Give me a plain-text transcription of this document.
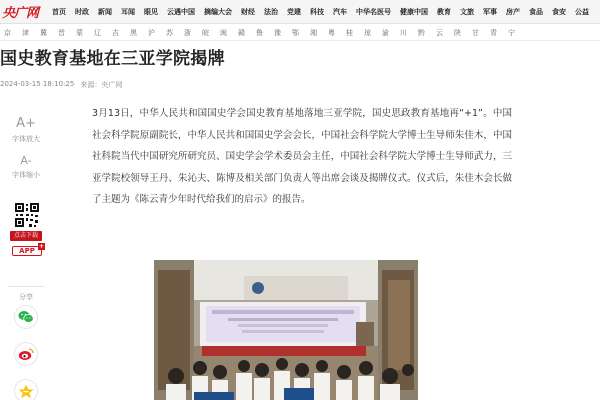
央广网 首页 时政 新闻 耳闻 眼见 云遇中国 摘编大会 财经 法治 党建 科技 汽车 中华名医号 健康中国 教育 文旅 军事 房产 食品 食安 公益
京 津 冀 晋 蒙 辽 吉 黑 沪 苏 浙 皖 闽 赣 鲁 豫 鄂 湘 粤 桂 琼 渝 川 黔 云 陕 甘 青 宁
国史教育基地在三亚学院揭牌
2024-03-15 18:10:25 来源：央广网
A+
字体放大
A-
字体缩小
点击下载
APP
+
分享

3月13日，中华人民共和国国史学会国史教育基地落地三亚学院，国史思政教育基地再“+1”。中国社会科学院原副院长，中华人民共和国国史学会会长，中国社会科学院大学博士生导师朱佳木，中国社科院当代中国研究所研究员、国史学会学术委员会主任，中国社会科学院大学博士生导师武力，三亚学院校领导王丹、朱沁夫、陈博及相关部门负责人等出席会谈及揭牌仪式。仪式后，朱佳木会长做了主题为《陈云青少年时代给我们的启示》的报告。
